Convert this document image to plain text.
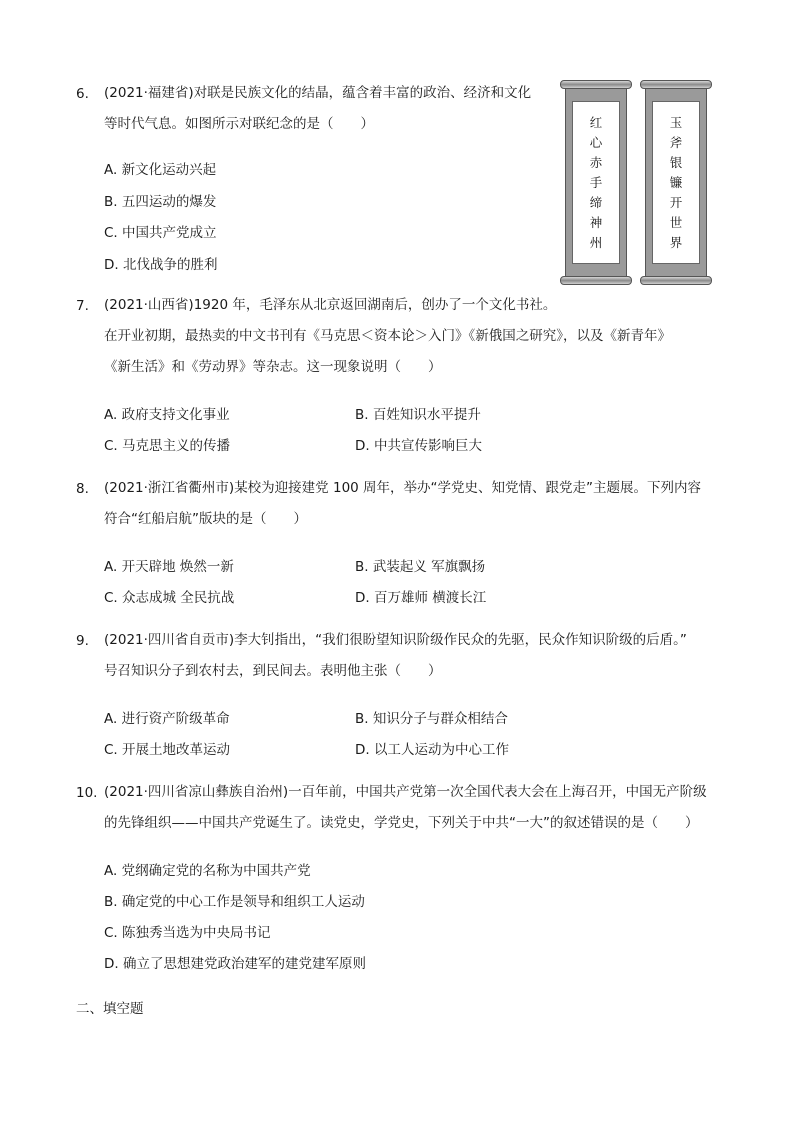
6. (2021·福建省)对联是民族文化的结晶，蕴含着丰富的政治、经济和文化
等时代气息。如图所示对联纪念的是（　　）
A. 新文化运动兴起
B. 五四运动的爆发
C. 中国共产党成立
D. 北伐战争的胜利
红
心
赤
手
缔
神
州
玉
斧
银
镰
开
世
界
7. (2021·山西省)1920 年，毛泽东从北京返回湖南后，创办了一个文化书社。
在开业初期，最热卖的中文书刊有《马克思＜资本论＞入门》《新俄国之研究》，以及《新青年》
《新生活》和《劳动界》等杂志。这一现象说明（　　）
A. 政府支持文化事业	B. 百姓知识水平提升
C. 马克思主义的传播	D. 中共宣传影响巨大
8. (2021·浙江省衢州市)某校为迎接建党 100 周年，举办“学党史、知党情、跟党走”主题展。下列内容
符合“红船启航”版块的是（　　）
A. 开天辟地 焕然一新	B. 武装起义 军旗飘扬
C. 众志成城 全民抗战	D. 百万雄师 横渡长江
9. (2021·四川省自贡市)李大钊指出，“我们很盼望知识阶级作民众的先驱，民众作知识阶级的后盾。”
号召知识分子到农村去，到民间去。表明他主张（　　）
A. 进行资产阶级革命	B. 知识分子与群众相结合
C. 开展土地改革运动	D. 以工人运动为中心工作
10. (2021·四川省凉山彝族自治州)一百年前，中国共产党第一次全国代表大会在上海召开，中国无产阶级
的先锋组织——中国共产党诞生了。读党史，学党史，下列关于中共“一大”的叙述错误的是（　　）
A. 党纲确定党的名称为中国共产党
B. 确定党的中心工作是领导和组织工人运动
C. 陈独秀当选为中央局书记
D. 确立了思想建党政治建军的建党建军原则
二、填空题
